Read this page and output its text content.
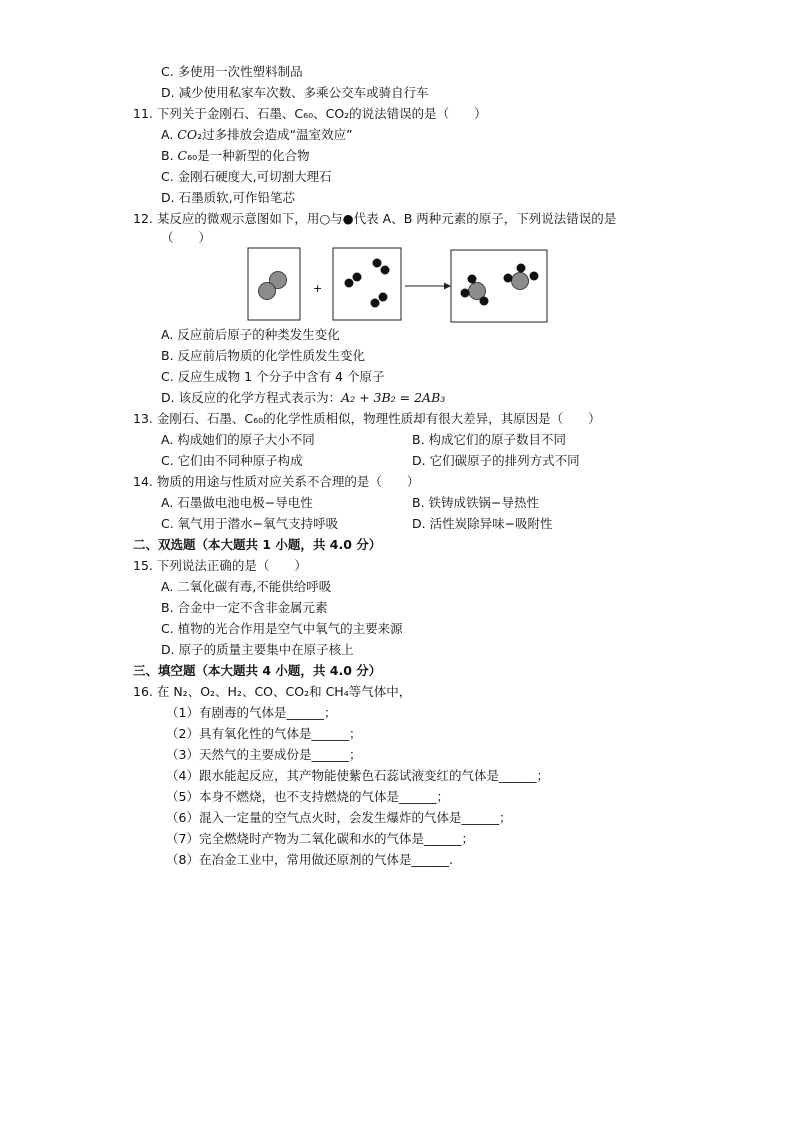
C. 多使用一次性塑料制品
D. 减少使用私家车次数、多乘公交车或骑自行车
11. 下列关于金刚石、石墨、C₆₀、CO₂的说法错误的是（　　）
A. CO₂过多排放会造成“温室效应”
B. C₆₀是一种新型的化合物
C. 金刚石硬度大,可切割大理石
D. 石墨质软,可作铅笔芯
12. 某反应的微观示意图如下，用○与●代表 A、B 两种元素的原子，下列说法错误的是
（　　）
+
A. 反应前后原子的种类发生变化
B. 反应前后物质的化学性质发生变化
C. 反应生成物 1 个分子中含有 4 个原子
D. 该反应的化学方程式表示为：A₂ + 3B₂ = 2AB₃
13. 金刚石、石墨、C₆₀的化学性质相似，物理性质却有很大差异，其原因是（　　）
A. 构成她们的原子大小不同	B. 构成它们的原子数目不同
C. 它们由不同种原子构成	D. 它们碳原子的排列方式不同
14. 物质的用途与性质对应关系不合理的是（　　）
A. 石墨做电池电极−导电性	B. 铁铸成铁锅−导热性
C. 氧气用于潜水−氧气支持呼吸	D. 活性炭除异味−吸附性
二、双选题（本大题共 1 小题，共 4.0 分）
15. 下列说法正确的是（　　）
A. 二氧化碳有毒,不能供给呼吸
B. 合金中一定不含非金属元素
C. 植物的光合作用是空气中氧气的主要来源
D. 原子的质量主要集中在原子核上
三、填空题（本大题共 4 小题，共 4.0 分）
16. 在 N₂、O₂、H₂、CO、CO₂和 CH₄等气体中，
（1）有剧毒的气体是______；
（2）具有氧化性的气体是______；
（3）天然气的主要成份是______；
（4）跟水能起反应，其产物能使紫色石蕊试液变红的气体是______；
（5）本身不燃烧，也不支持燃烧的气体是______；
（6）混入一定量的空气点火时，会发生爆炸的气体是______；
（7）完全燃烧时产物为二氧化碳和水的气体是______；
（8）在冶金工业中，常用做还原剂的气体是______.
